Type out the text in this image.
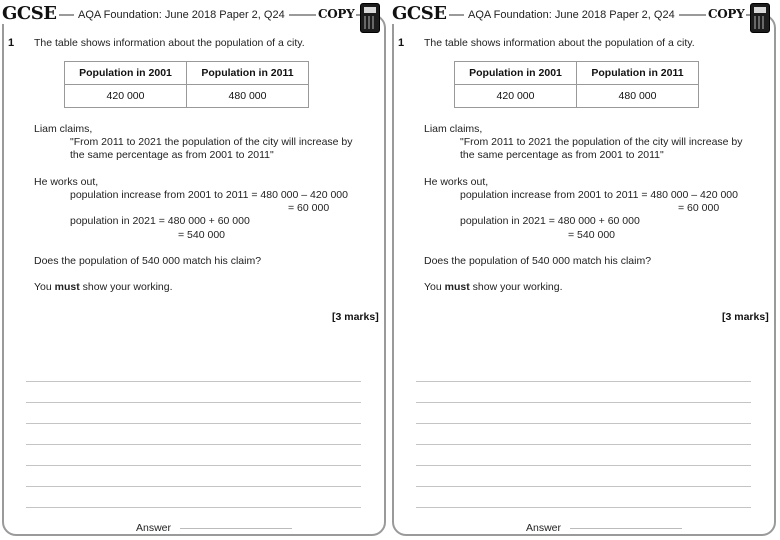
GCSE	AQA Foundation: June 2018 Paper 2, Q24	COPY
1 The table shows information about the population of a city.
Population in 2001	Population in 2011
420 000	480 000
Liam claims,
"From 2011 to 2021 the population of the city will increase by
the same percentage as from 2001 to 2011"
He works out,
population increase from 2001 to 2011 = 480 000 – 420 000
= 60 000
population in 2021 = 480 000 + 60 000
= 540 000
Does the population of 540 000 match his claim?
You must show your working.
[3 marks]
Answer
GCSE	AQA Foundation: June 2018 Paper 2, Q24	COPY
1 The table shows information about the population of a city.
Population in 2001	Population in 2011
420 000	480 000
Liam claims,
"From 2011 to 2021 the population of the city will increase by
the same percentage as from 2001 to 2011"
He works out,
population increase from 2001 to 2011 = 480 000 – 420 000
= 60 000
population in 2021 = 480 000 + 60 000
= 540 000
Does the population of 540 000 match his claim?
You must show your working.
[3 marks]
Answer
